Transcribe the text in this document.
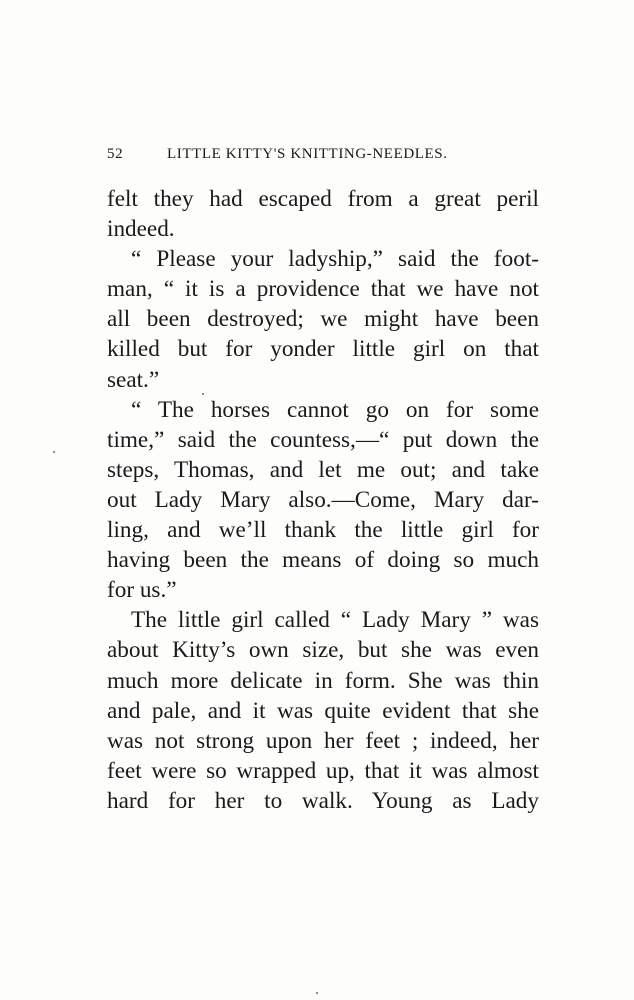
52	LITTLE KITTY'S KNITTING-NEEDLES.
felt they had escaped from a great peril
indeed.
“ Please your ladyship,” said the foot-
man, “ it is a providence that we have not
all been destroyed; we might have been
killed but for yonder little girl on that
seat.”
“ The horses cannot go on for some
time,” said the countess,—“ put down the
steps, Thomas, and let me out; and take
out Lady Mary also.—Come, Mary dar-
ling, and we’ll thank the little girl for
having been the means of doing so much
for us.”
The little girl called “ Lady Mary ” was
about Kitty’s own size, but she was even
much more delicate in form. She was thin
and pale, and it was quite evident that she
was not strong upon her feet ; indeed, her
feet were so wrapped up, that it was almost
hard for her to walk. Young as Lady
